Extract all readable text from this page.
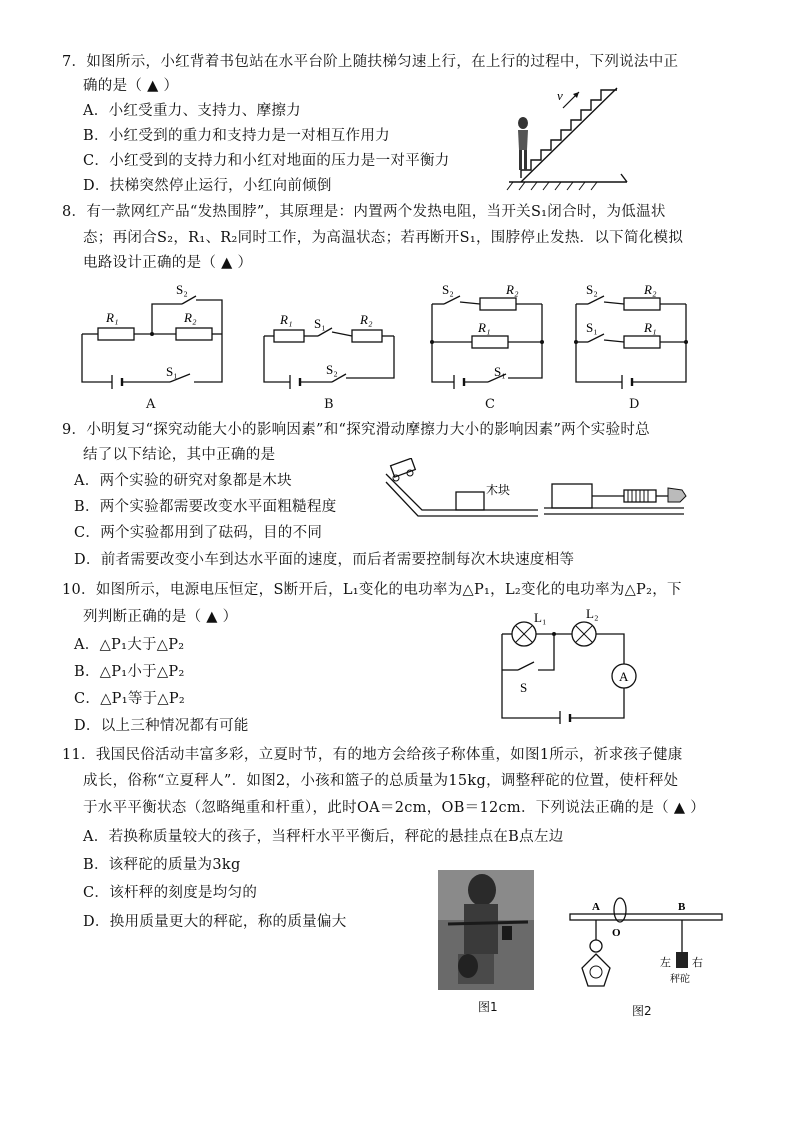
7．如图所示，小红背着书包站在水平台阶上随扶梯匀速上行，在上行的过程中，下列说法中正
确的是（ ▲ ）
A．小红受重力、支持力、摩擦力
B．小红受到的重力和支持力是一对相互作用力
C．小红受到的支持力和小红对地面的压力是一对平衡力
D．扶梯突然停止运行，小红向前倾倒
v
8．有一款网红产品“发热围脖”，其原理是：内置两个发热电阻，当开关S₁闭合时，为低温状
态；再闭合S₂，R₁、R₂同时工作，为高温状态；若再断开S₁，围脖停止发热．以下简化模拟
电路设计正确的是（ ▲ ）
R₁	R₂
S₂
S₁
A
R₁ S₁	R₂
S₂
B
S₂	R₂
R₁
S₁
C
S₂	R₂
S₁	R₁
D
9．小明复习“探究动能大小的影响因素”和“探究滑动摩擦力大小的影响因素”两个实验时总
结了以下结论，其中正确的是
A．两个实验的研究对象都是木块
B．两个实验都需要改变水平面粗糙程度
C．两个实验都用到了砝码，目的不同
D．前者需要改变小车到达水平面的速度，而后者需要控制每次木块速度相等
木块
10．如图所示，电源电压恒定，S断开后，L₁变化的电功率为△P₁，L₂变化的电功率为△P₂，下
列判断正确的是（ ▲ ）
A．△P₁大于△P₂
B．△P₁小于△P₂
C．△P₁等于△P₂
D．以上三种情况都有可能
A
L₁	L₂
S
11．我国民俗活动丰富多彩，立夏时节，有的地方会给孩子称体重，如图1所示，祈求孩子健康
成长，俗称“立夏秤人”．如图2，小孩和篮子的总质量为15kg，调整秤砣的位置，使杆秤处
于水平平衡状态（忽略绳重和杆重），此时OA＝2cm，OB＝12cm．下列说法正确的是（ ▲ ）
A．若换称质量较大的孩子，当秤杆水平平衡后，秤砣的悬挂点在B点左边
B．该秤砣的质量为3kg
C．该杆秤的刻度是均匀的
D．换用质量更大的秤砣，称的质量偏大
图1
A
O
B
左 右
秤砣
图2
